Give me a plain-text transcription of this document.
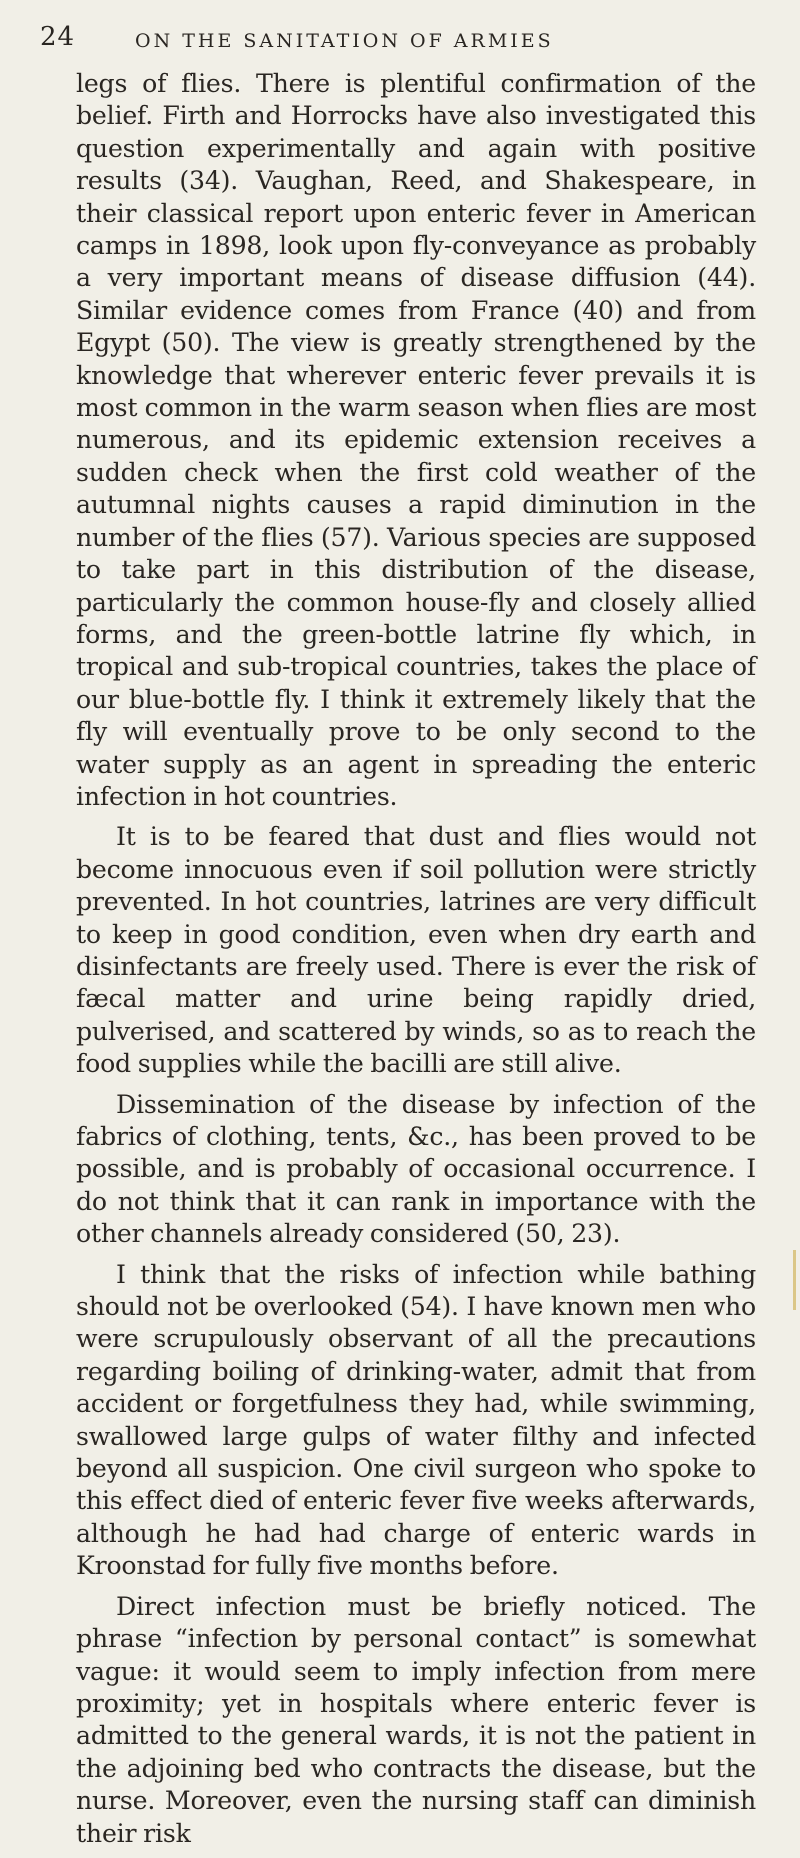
24	ON THE SANITATION OF ARMIES

legs of flies. There is plentiful confirmation of the belief. Firth and Horrocks have also investigated this question experimentally and again with positive results (34). Vaughan, Reed, and Shakespeare, in their classical report upon enteric fever in American camps in 1898, look upon fly-conveyance as probably a very important means of disease diffusion (44). Similar evidence comes from France (40) and from Egypt (50). The view is greatly strengthened by the knowledge that wherever enteric fever prevails it is most common in the warm season when flies are most numerous, and its epidemic extension receives a sudden check when the first cold weather of the autumnal nights causes a rapid diminution in the number of the flies (57). Various species are supposed to take part in this distribution of the disease, particularly the common house-fly and closely allied forms, and the green-bottle latrine fly which, in tropical and sub-tropical countries, takes the place of our blue-bottle fly. I think it extremely likely that the fly will eventually prove to be only second to the water supply as an agent in spreading the enteric infection in hot countries.

It is to be feared that dust and flies would not become innocuous even if soil pollution were strictly prevented. In hot countries, latrines are very difficult to keep in good condition, even when dry earth and disinfectants are freely used. There is ever the risk of fæcal matter and urine being rapidly dried, pulverised, and scattered by winds, so as to reach the food supplies while the bacilli are still alive.

Dissemination of the disease by infection of the fabrics of clothing, tents, &c., has been proved to be possible, and is probably of occasional occurrence. I do not think that it can rank in importance with the other channels already considered (50, 23).

I think that the risks of infection while bathing should not be overlooked (54). I have known men who were scrupulously observant of all the precautions regarding boiling of drinking-water, admit that from accident or forgetfulness they had, while swimming, swallowed large gulps of water filthy and infected beyond all suspicion. One civil surgeon who spoke to this effect died of enteric fever five weeks afterwards, although he had had charge of enteric wards in Kroonstad for fully five months before.

Direct infection must be briefly noticed. The phrase “infection by personal contact” is somewhat vague: it would seem to imply infection from mere proximity; yet in hospitals where enteric fever is admitted to the general wards, it is not the patient in the adjoining bed who contracts the disease, but the nurse. Moreover, even the nursing staff can diminish their risk
